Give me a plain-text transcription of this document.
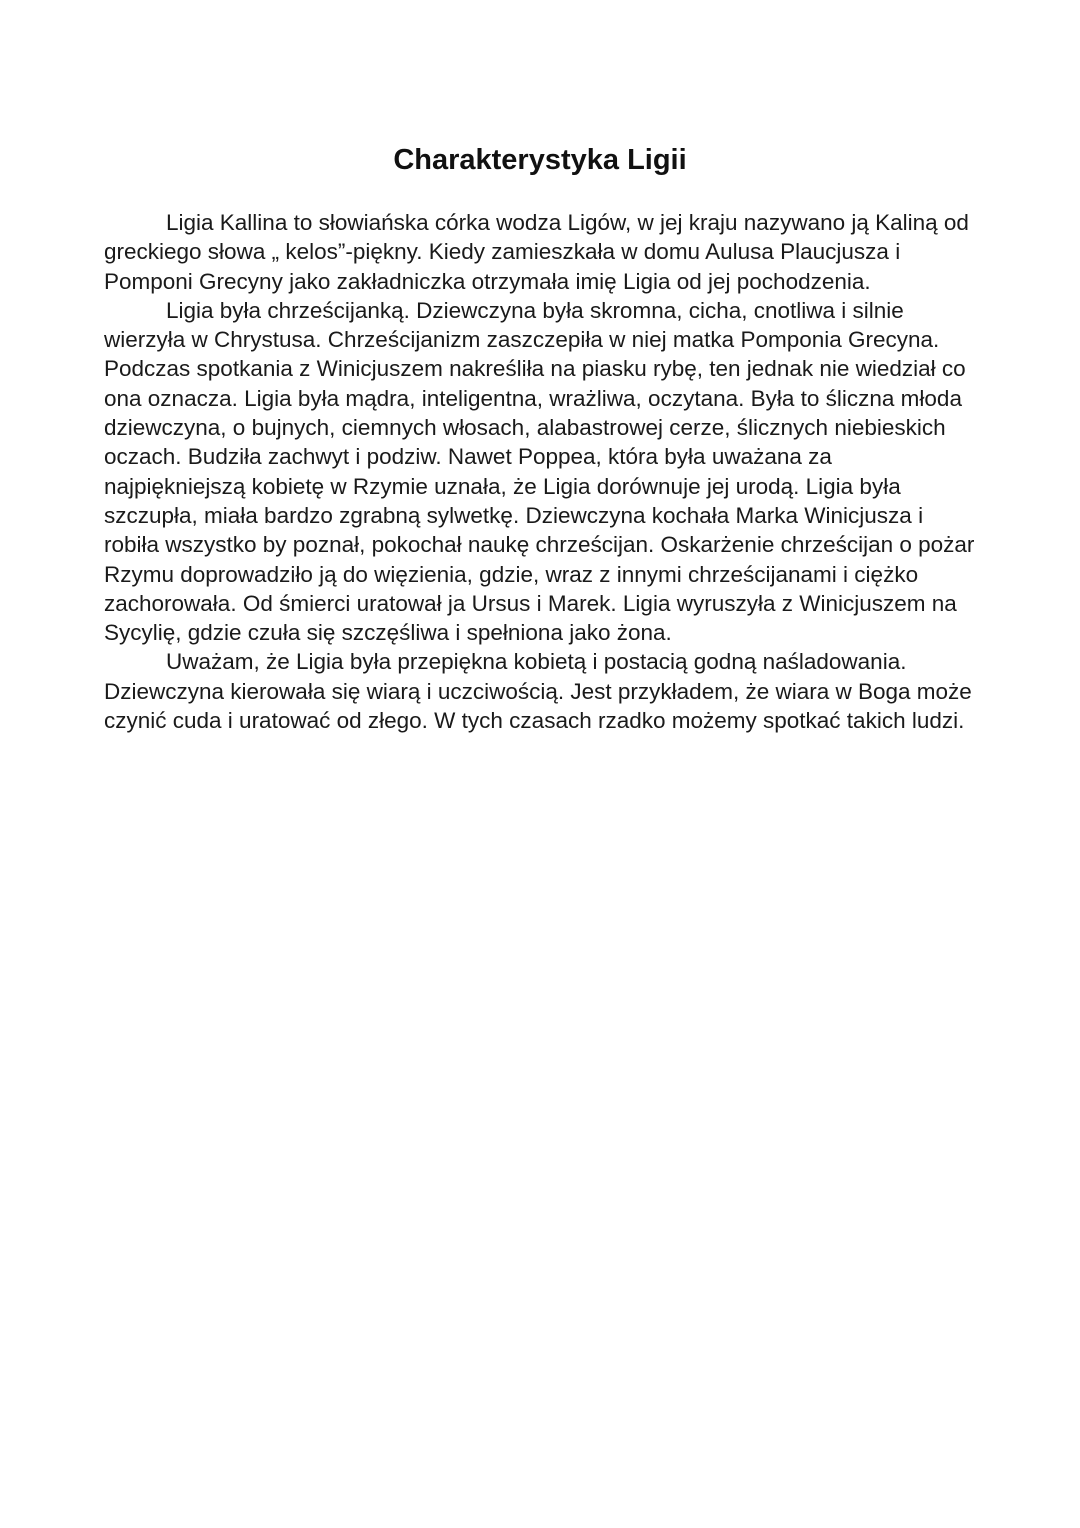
Charakterystyka Ligii

Ligia Kallina to słowiańska córka wodza Ligów, w jej kraju nazywano ją Kaliną od greckiego słowa „ kelos”-piękny. Kiedy zamieszkała w domu Aulusa Plaucjusza i Pomponi Grecyny jako zakładniczka otrzymała imię Ligia od jej pochodzenia.

Ligia była chrześcijanką. Dziewczyna była skromna, cicha, cnotliwa i silnie wierzyła w Chrystusa. Chrześcijanizm zaszczepiła w niej matka Pomponia Grecyna. Podczas spotkania z Winicjuszem nakreśliła na piasku rybę, ten jednak nie wiedział co ona oznacza. Ligia była mądra, inteligentna, wrażliwa, oczytana. Była to śliczna młoda dziewczyna, o bujnych, ciemnych włosach, alabastrowej cerze, ślicznych niebieskich oczach. Budziła zachwyt i podziw. Nawet Poppea, która była uważana za najpiękniejszą kobietę w Rzymie uznała, że Ligia dorównuje jej urodą. Ligia była szczupła, miała bardzo zgrabną sylwetkę. Dziewczyna kochała Marka Winicjusza i robiła wszystko by poznał, pokochał naukę chrześcijan. Oskarżenie chrześcijan o pożar Rzymu doprowadziło ją do więzienia, gdzie, wraz z innymi chrześcijanami i ciężko zachorowała. Od śmierci uratował ja Ursus i Marek. Ligia wyruszyła z Winicjuszem na Sycylię, gdzie czuła się szczęśliwa i spełniona jako żona.

Uważam, że Ligia była przepiękna kobietą i postacią godną naśladowania. Dziewczyna kierowała się wiarą i uczciwością. Jest przykładem, że wiara w Boga może czynić cuda i uratować od złego. W tych czasach rzadko możemy spotkać takich ludzi.
